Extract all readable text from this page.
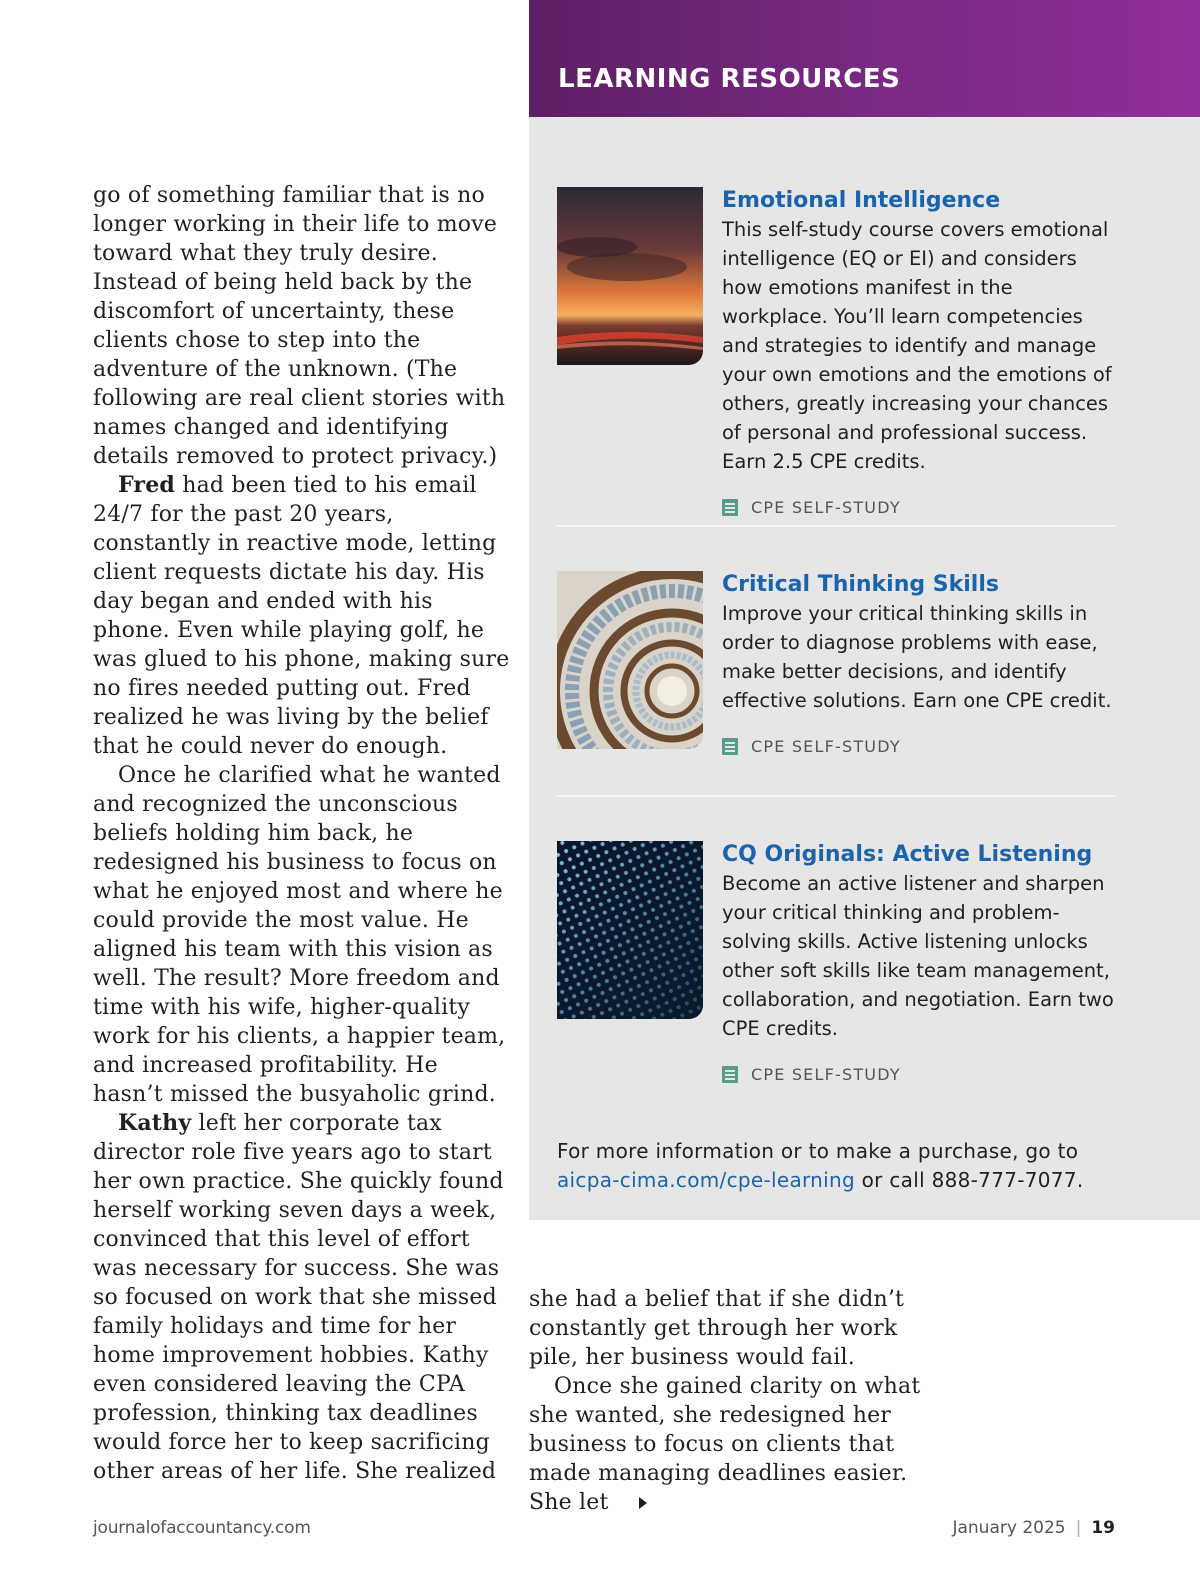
go of something familiar that is no longer working in their life to move toward what they truly desire. Instead of being held back by the discomfort of uncertainty, these clients chose to step into the adventure of the unknown. (The following are real client stories with names changed and identifying details removed to protect privacy.)

Fred had been tied to his email 24/7 for the past 20 years, constantly in reactive mode, letting client requests dictate his day. His day began and ended with his phone. Even while playing golf, he was glued to his phone, making sure no fires needed putting out. Fred realized he was living by the belief that he could never do enough.

Once he clarified what he wanted and recognized the unconscious beliefs holding him back, he redesigned his business to focus on what he enjoyed most and where he could provide the most value. He aligned his team with this vision as well. The result? More freedom and time with his wife, higher-quality work for his clients, a happier team, and increased profitability. He hasn’t missed the busyaholic grind.

Kathy left her corporate tax director role five years ago to start her own practice. She quickly found herself working seven days a week, convinced that this level of effort was necessary for success. She was so focused on work that she missed family holidays and time for her home improvement hobbies. Kathy even considered leaving the CPA profession, thinking tax deadlines would force her to keep sacrificing other areas of her life. She realized

LEARNING RESOURCES

Emotional Intelligence

This self-study course covers emotional intelligence (EQ or EI) and considers how emotions manifest in the workplace. You’ll learn competencies and strategies to identify and manage your own emotions and the emotions of others, greatly increasing your chances of personal and professional success. Earn 2.5 CPE credits.

CPE SELF-STUDY

Critical Thinking Skills

Improve your critical thinking skills in order to diagnose problems with ease, make better decisions, and identify effective solutions. Earn one CPE credit.

CPE SELF-STUDY

CQ Originals: Active Listening

Become an active listener and sharpen your critical thinking and problem-solving skills. Active listening unlocks other soft skills like team management, collaboration, and negotiation. Earn two CPE credits.

CPE SELF-STUDY
For more information or to make a purchase, go to
aicpa-cima.com/cpe-learning or call 888-777-7077.

she had a belief that if she didn’t constantly get through her work pile, her business would fail.

Once she gained clarity on what she wanted, she redesigned her business to focus on clients that made managing deadlines easier. She let

journalofaccountancy.com	January 2025 | 19
